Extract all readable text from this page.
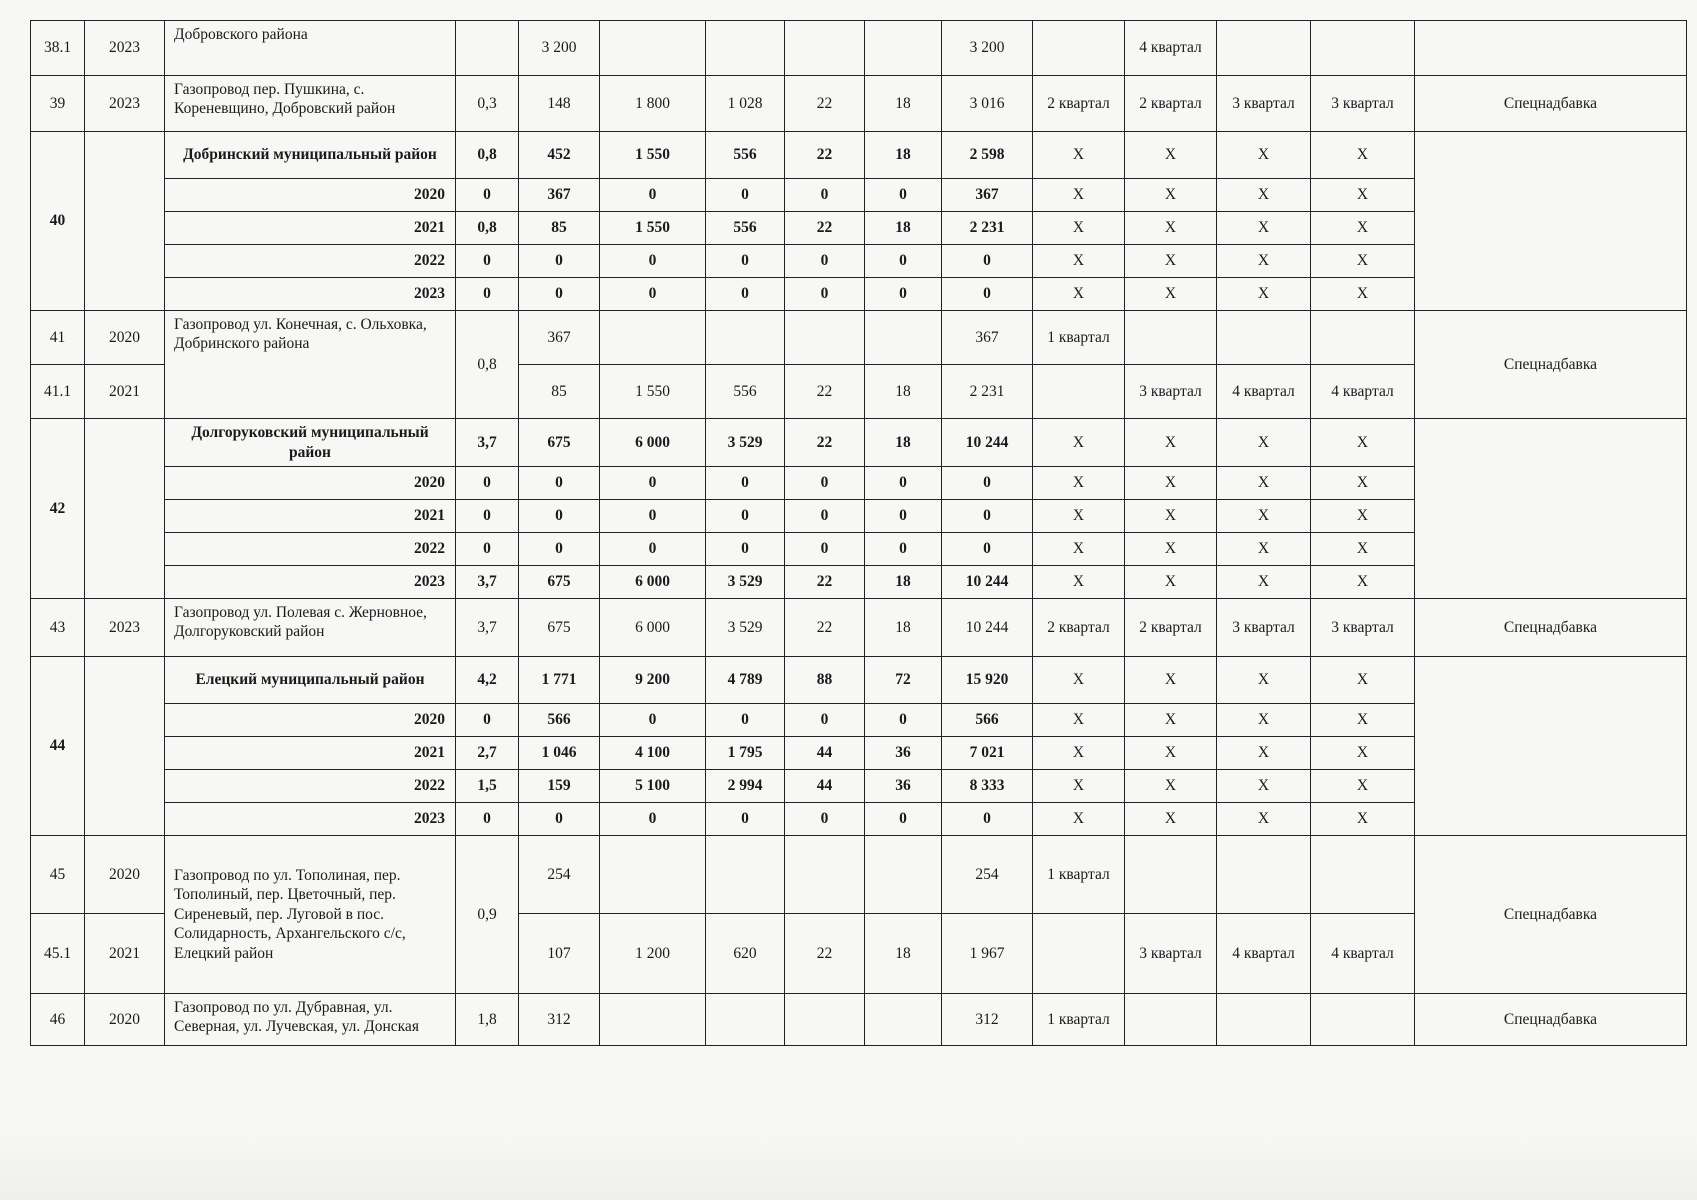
38.1	2023	Добровского района		3 200					3 200		4 квартал			
39	2023	Газопровод пер. Пушкина, с. Кореневщино, Добровский район	0,3	148	1 800	1 028	22	18	3 016	2 квартал	2 квартал	3 квартал	3 квартал	Спецнадбавка
40		Добринский муниципальный район	0,8	452	1 550	556	22	18	2 598	X	X	X	X	
		2020	0	367	0	0	0	0	367	X	X	X	X	
		2021	0,8	85	1 550	556	22	18	2 231	X	X	X	X	
		2022	0	0	0	0	0	0	0	X	X	X	X	
		2023	0	0	0	0	0	0	0	X	X	X	X	
41	2020	Газопровод ул. Конечная, с. Ольховка, Добринского района	0,8	367					367	1 квартал				Спецнадбавка
41.1	2021			85	1 550	556	22	18	2 231		3 квартал	4 квартал	4 квартал	
42		Долгоруковский муниципальный район	3,7	675	6 000	3 529	22	18	10 244	X	X	X	X	
		2020	0	0	0	0	0	0	0	X	X	X	X	
		2021	0	0	0	0	0	0	0	X	X	X	X	
		2022	0	0	0	0	0	0	0	X	X	X	X	
		2023	3,7	675	6 000	3 529	22	18	10 244	X	X	X	X	
43	2023	Газопровод ул. Полевая с. Жерновное, Долгоруковский район	3,7	675	6 000	3 529	22	18	10 244	2 квартал	2 квартал	3 квартал	3 квартал	Спецнадбавка
44		Елецкий муниципальный район	4,2	1 771	9 200	4 789	88	72	15 920	X	X	X	X	
		2020	0	566	0	0	0	0	566	X	X	X	X	
		2021	2,7	1 046	4 100	1 795	44	36	7 021	X	X	X	X	
		2022	1,5	159	5 100	2 994	44	36	8 333	X	X	X	X	
		2023	0	0	0	0	0	0	0	X	X	X	X	
45	2020	Газопровод по ул. Тополиная, пер. Тополиный, пер. Цветочный, пер. Сиреневый, пер. Луговой в пос. Солидарность, Архангельского с/с, Елецкий район	0,9	254					254	1 квартал				Спецнадбавка
45.1	2021			107	1 200	620	22	18	1 967		3 квартал	4 квартал	4 квартал	
46	2020	Газопровод по ул. Дубравная, ул. Северная, ул. Лучевская, ул. Донская	1,8	312					312	1 квартал				Спецнадбавка
